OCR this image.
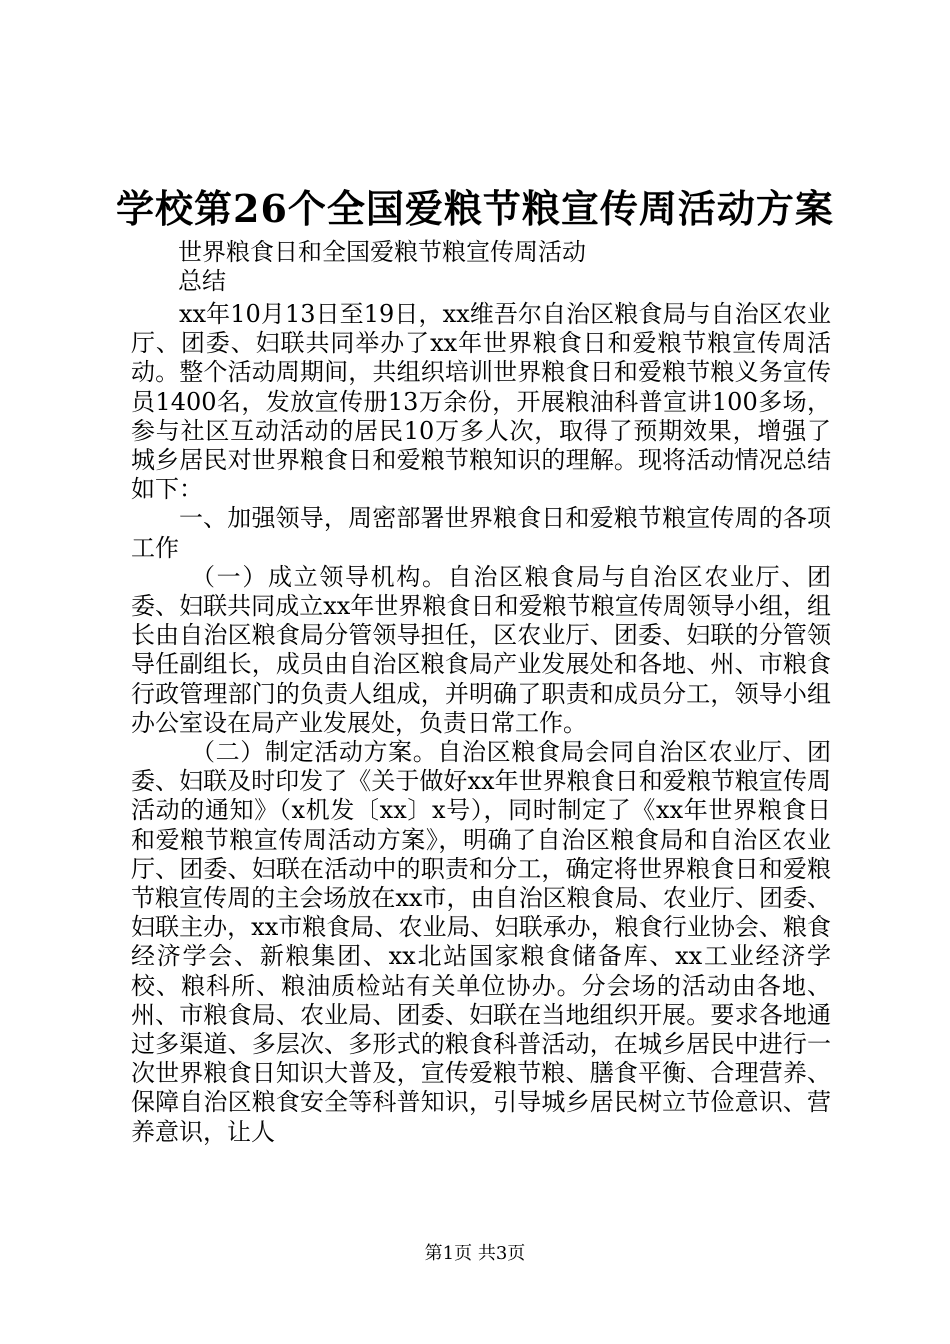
学校第26个全国爱粮节粮宣传周活动方案
世界粮食日和全国爱粮节粮宣传周活动
总结

xx年10月13日至19日，xx维吾尔自治区粮食局与自治区农业厅、团委、妇联共同举办了xx年世界粮食日和爱粮节粮宣传周活动。整个活动周期间，共组织培训世界粮食日和爱粮节粮义务宣传员1400名，发放宣传册13万余份，开展粮油科普宣讲100多场，参与社区互动活动的居民10万多人次，取得了预期效果，增强了城乡居民对世界粮食日和爱粮节粮知识的理解。现将活动情况总结如下：

一、加强领导，周密部署世界粮食日和爱粮节粮宣传周的各项工作

（一）成立领导机构。自治区粮食局与自治区农业厅、团委、妇联共同成立xx年世界粮食日和爱粮节粮宣传周领导小组，组长由自治区粮食局分管领导担任，区农业厅、团委、妇联的分管领导任副组长，成员由自治区粮食局产业发展处和各地、州、市粮食行政管理部门的负责人组成，并明确了职责和成员分工，领导小组办公室设在局产业发展处，负责日常工作。

（二）制定活动方案。自治区粮食局会同自治区农业厅、团委、妇联及时印发了《关于做好xx年世界粮食日和爱粮节粮宣传周活动的通知》（x机发〔xx〕x号），同时制定了《xx年世界粮食日和爱粮节粮宣传周活动方案》，明确了自治区粮食局和自治区农业厅、团委、妇联在活动中的职责和分工，确定将世界粮食日和爱粮节粮宣传周的主会场放在xx市，由自治区粮食局、农业厅、团委、妇联主办，xx市粮食局、农业局、妇联承办，粮食行业协会、粮食经济学会、新粮集团、xx北站国家粮食储备库、xx工业经济学校、粮科所、粮油质检站有关单位协办。分会场的活动由各地、州、市粮食局、农业局、团委、妇联在当地组织开展。要求各地通过多渠道、多层次、多形式的粮食科普活动，在城乡居民中进行一次世界粮食日知识大普及，宣传爱粮节粮、膳食平衡、合理营养、保障自治区粮食安全等科普知识，引导城乡居民树立节俭意识、营养意识，让人

第1页 共3页
